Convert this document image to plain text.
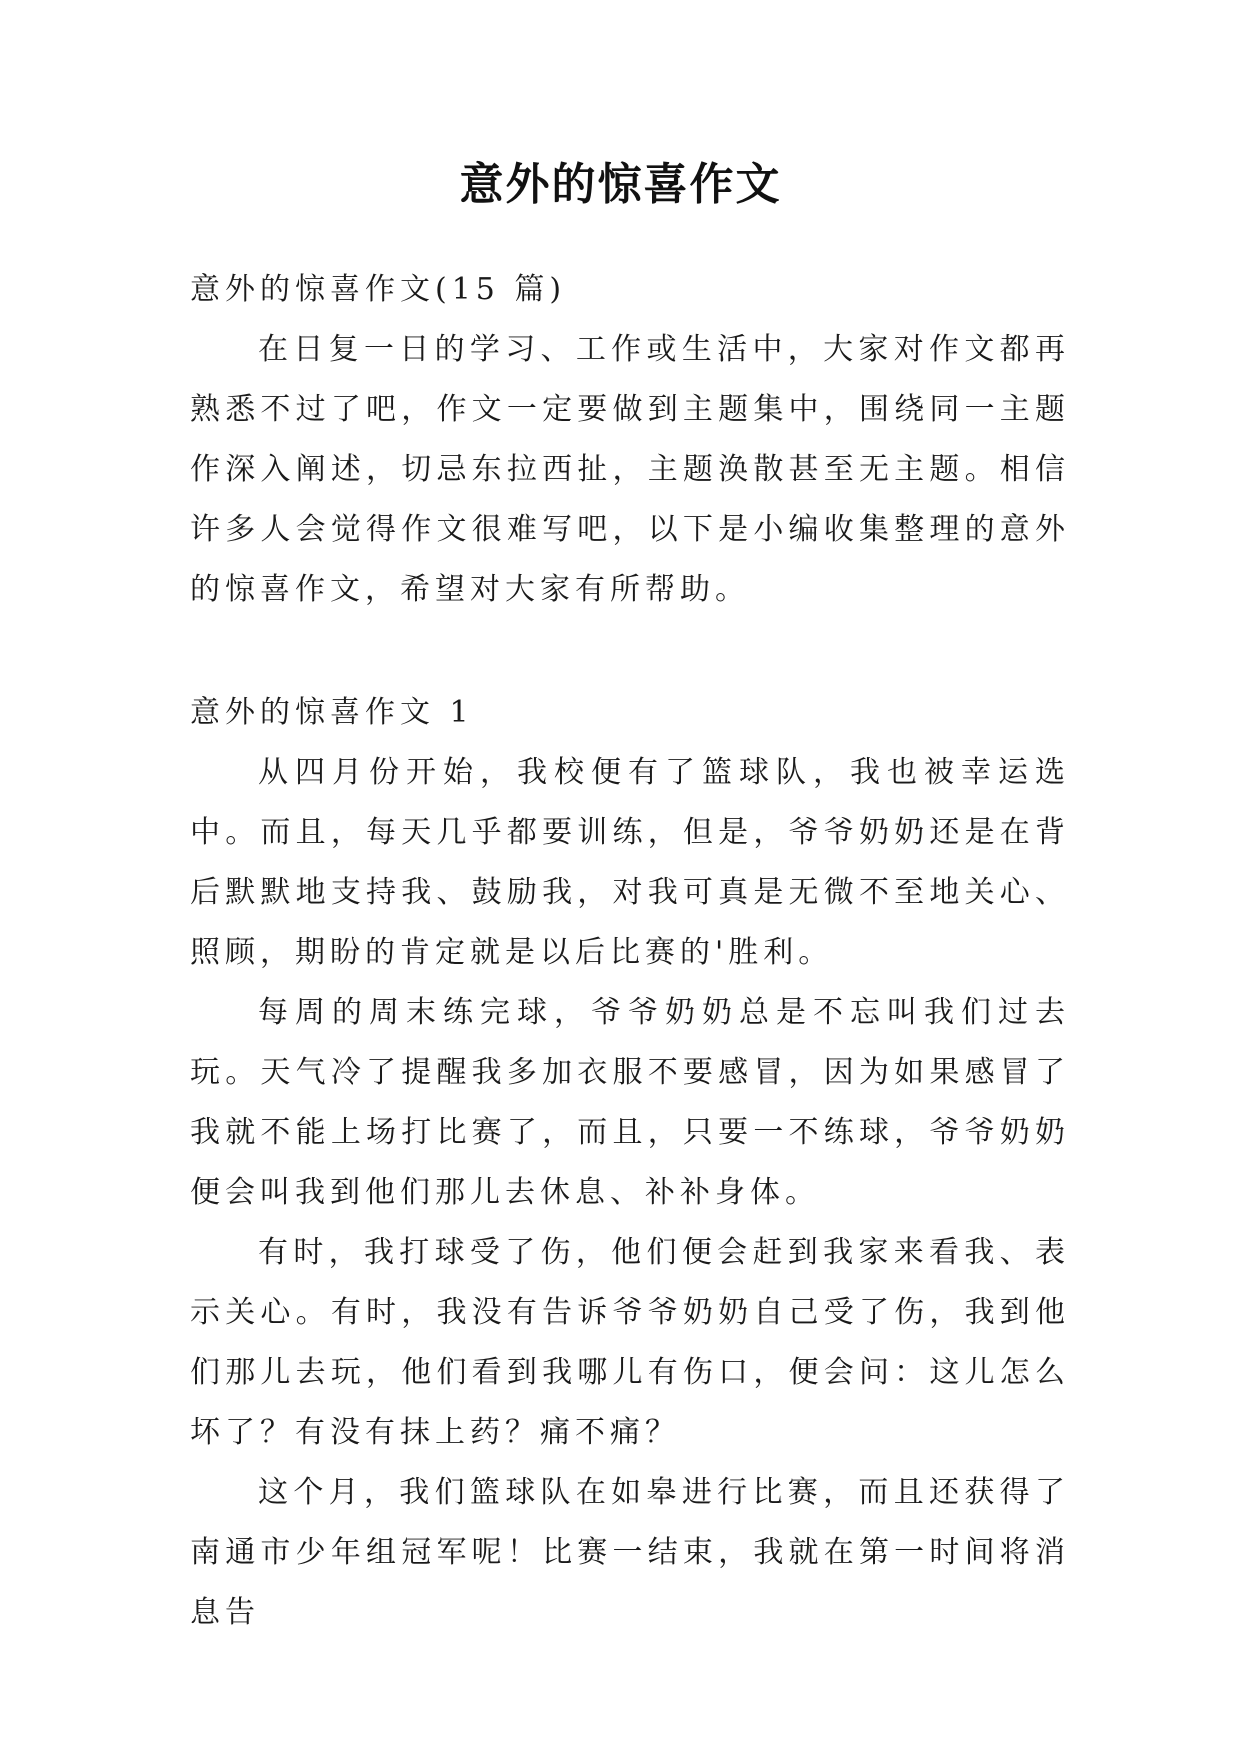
意外的惊喜作文

意外的惊喜作文(15 篇)

在日复一日的学习、工作或生活中，大家对作文都再熟悉不过了吧，作文一定要做到主题集中，围绕同一主题作深入阐述，切忌东拉西扯，主题涣散甚至无主题。相信许多人会觉得作文很难写吧，以下是小编收集整理的意外的惊喜作文，希望对大家有所帮助。

意外的惊喜作文 1

从四月份开始，我校便有了篮球队，我也被幸运选中。而且，每天几乎都要训练，但是，爷爷奶奶还是在背后默默地支持我、鼓励我，对我可真是无微不至地关心、照顾，期盼的肯定就是以后比赛的'胜利。

每周的周末练完球，爷爷奶奶总是不忘叫我们过去玩。天气冷了提醒我多加衣服不要感冒，因为如果感冒了我就不能上场打比赛了，而且，只要一不练球，爷爷奶奶便会叫我到他们那儿去休息、补补身体。

有时，我打球受了伤，他们便会赶到我家来看我、表示关心。有时，我没有告诉爷爷奶奶自己受了伤，我到他们那儿去玩，他们看到我哪儿有伤口，便会问：这儿怎么坏了？有没有抹上药？痛不痛？

这个月，我们篮球队在如皋进行比赛，而且还获得了南通市少年组冠军呢！比赛一结束，我就在第一时间将消息告
